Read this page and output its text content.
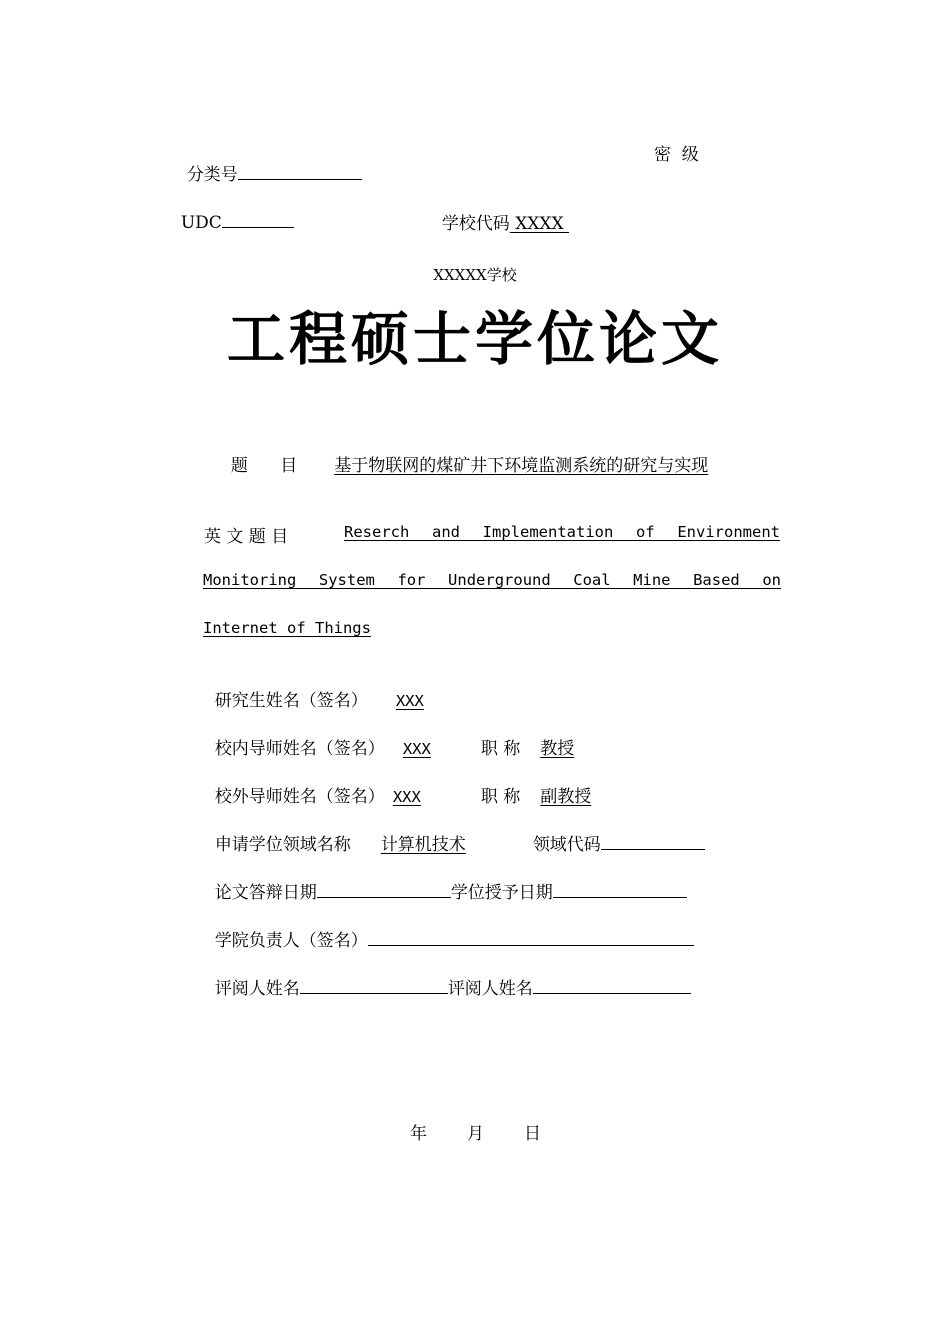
分类号

密  级

UDC	学校代码 XXXX

XXXXX学校
工程硕士学位论文

题      目 基于物联网的煤矿井下环境监测系统的研究与实现

英 文 题 目	Reserch and Implementation of Environment
Monitoring System for Underground Coal Mine Based on
Internet of Things

研究生姓名（签名） XXX

校内导师姓名（签名） XXX	职 称 教授

校外导师姓名（签名） XXX	职 称 副教授

申请学位领域名称 计算机技术	领域代码

论文答辩日期	学位授予日期

学院负责人（签名）

评阅人姓名	评阅人姓名

年 月 日
